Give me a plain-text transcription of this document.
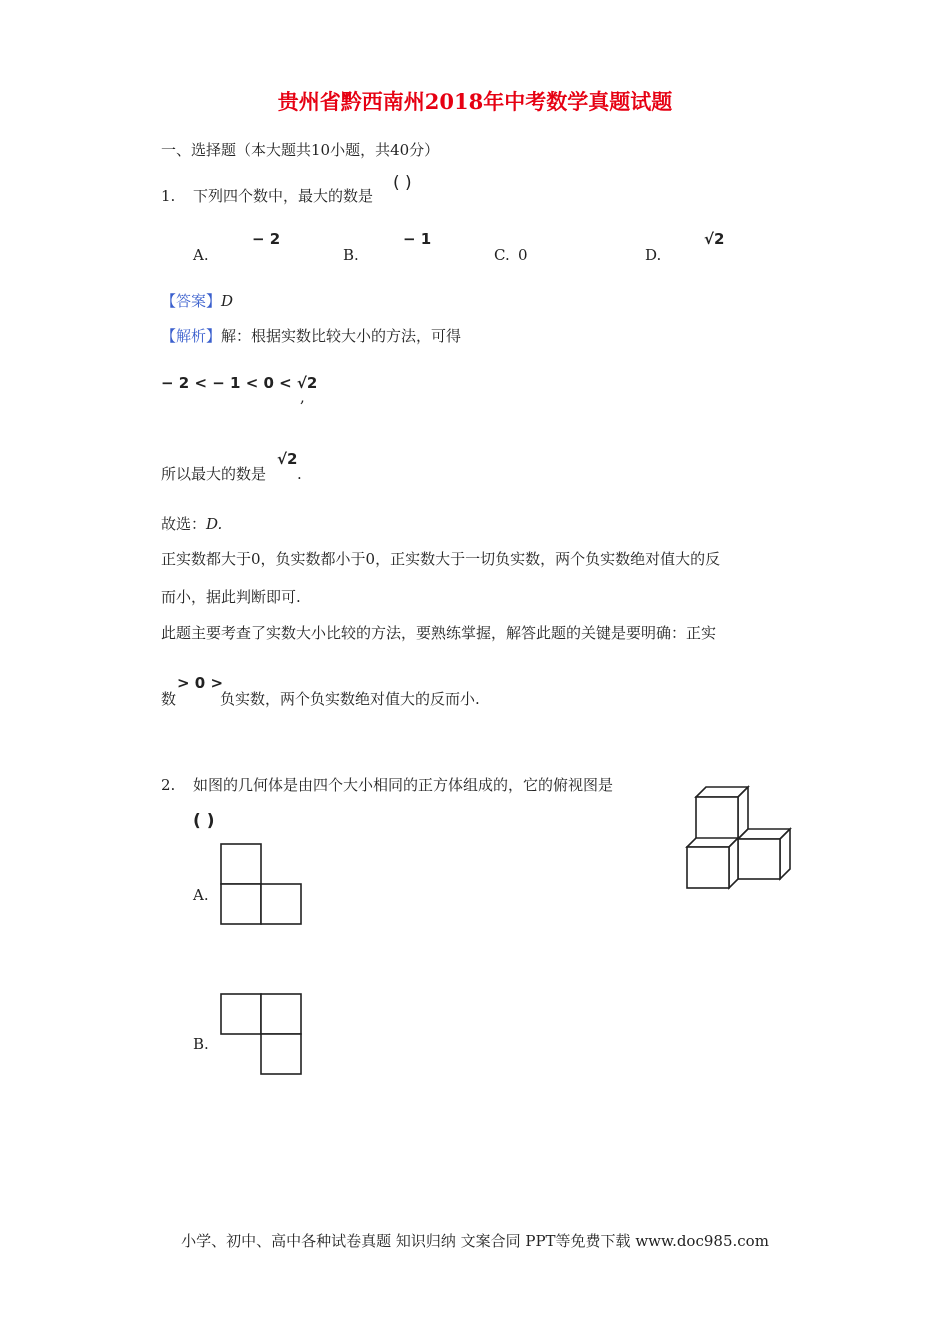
贵州省黔西南州2018年中考数学真题试题
一、选择题（本大题共10小题，共40分）
1. 下列四个数中，最大的数是
( )
A.
− 2
B.
− 1
C. 0	D.
√2
【答案】D
【解析】解：根据实数比较大小的方法，可得
− 2 < − 1 < 0 < √2
,
所以最大的数是
√2
.
故选：D.
正实数都大于0，负实数都小于0，正实数大于一切负实数，两个负实数绝对值大的反
而小，据此判断即可.
此题主要考查了实数大小比较的方法，要熟练掌握，解答此题的关键是要明确：正实
数
> 0 >
负实数，两个负实数绝对值大的反而小.
2. 如图的几何体是由四个大小相同的正方体组成的，它的俯视图是
( )
A.
B.
小学、初中、高中各种试卷真题 知识归纳 文案合同 PPT等免费下载 www.doc985.com
